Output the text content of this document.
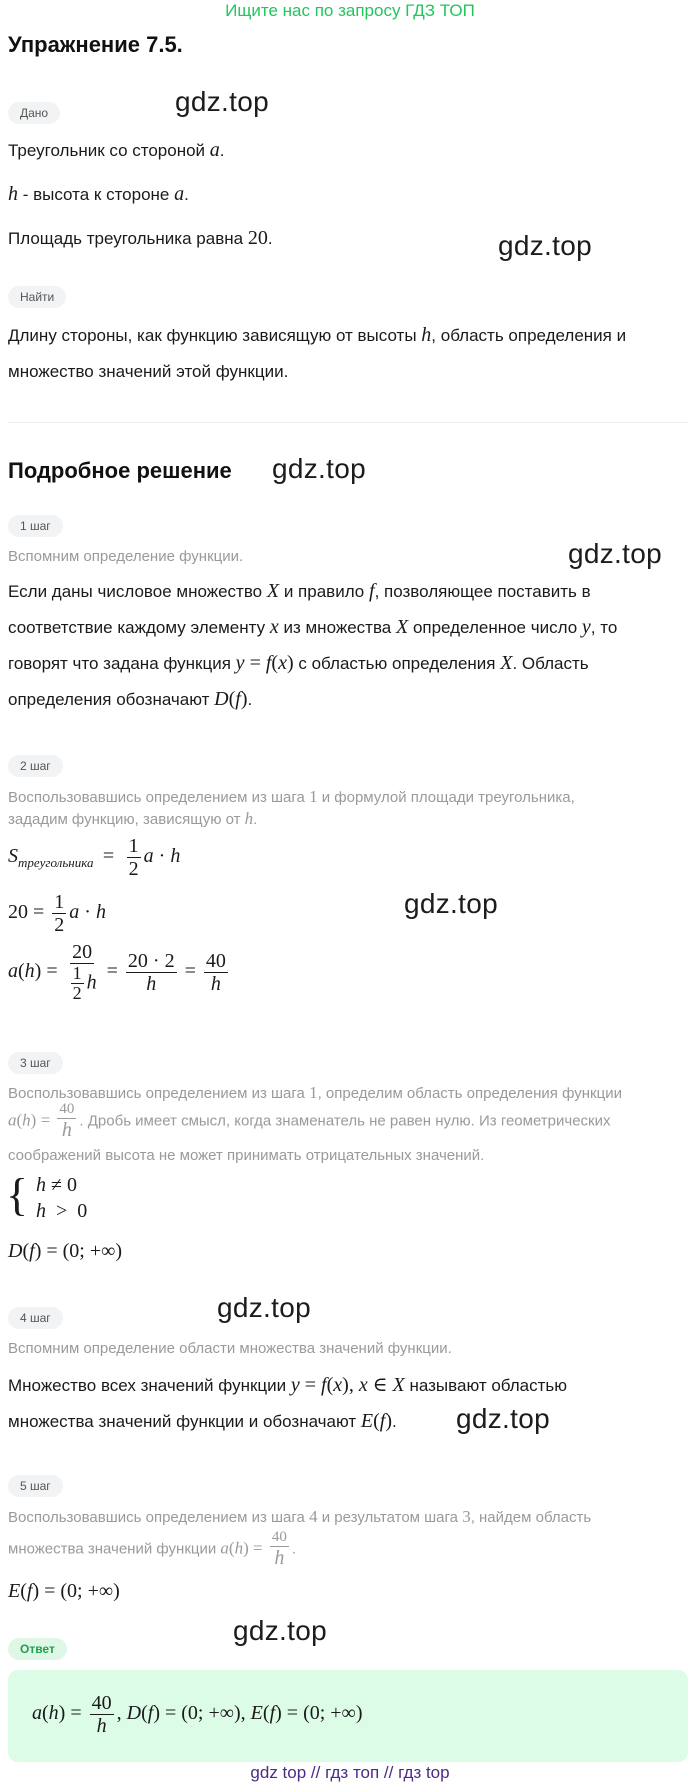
Ищите нас по запросу ГДЗ ТОП
Упражнение 7.5.
Дано	gdz.top
Треугольник со стороной a.
h - высота к стороне a.
Площадь треугольника равна 20.	gdz.top
Найти
Длину стороны, как функцию зависящую от высоты h, область определения и
множество значений этой функции.
Подробное решение gdz.top
1 шаг
Вспомним определение функции.	gdz.top
Если даны числовое множество X и правило f, позволяющее поставить в
соответствие каждому элементу x из множества X определенное число y, то
говорят что задана функция y = f(x) с областью определения X. Область
определения обозначают D(f).
2 шаг
Воспользовавшись определением из шага 1 и формулой площади треугольника,
зададим функцию, зависящую от h.
$S_{треугольника} = \frac{1}{2}$ a · h
$20 = \frac{1}{2}$ a · h	gdz.top
$a(h) = \frac{20}{\frac{1}{2} h} = \frac{20 \cdot 2}{h} = \frac{40}{h}$
3 шаг
Воспользовавшись определением из шага 1, определим область определения функции
$a(h) = \frac{40}{h}$ . Дробь имеет смысл, когда знаменатель не равен нулю. Из геометрических
соображений высота не может принимать отрицательных значений.
{ h ≠ 0
h  >  0
D(f) = (0; +∞)
4 шаг	gdz.top
Вспомним определение области множества значений функции.
Множество всех значений функции y = f(x), x ∈ X называют областью
множества значений функции и обозначают E(f). gdz.top
5 шаг
Воспользовавшись определением из шага 4 и результатом шага 3, найдем область
множества значений функции $a(h) = \frac{40}{h}$ .
E(f) = (0; +∞)
gdz.top
Ответ
$a(h) = \frac{40}{h}$ , D(f) = (0; +∞), E(f) = (0; +∞)
gdz top // гдз топ // гдз top
